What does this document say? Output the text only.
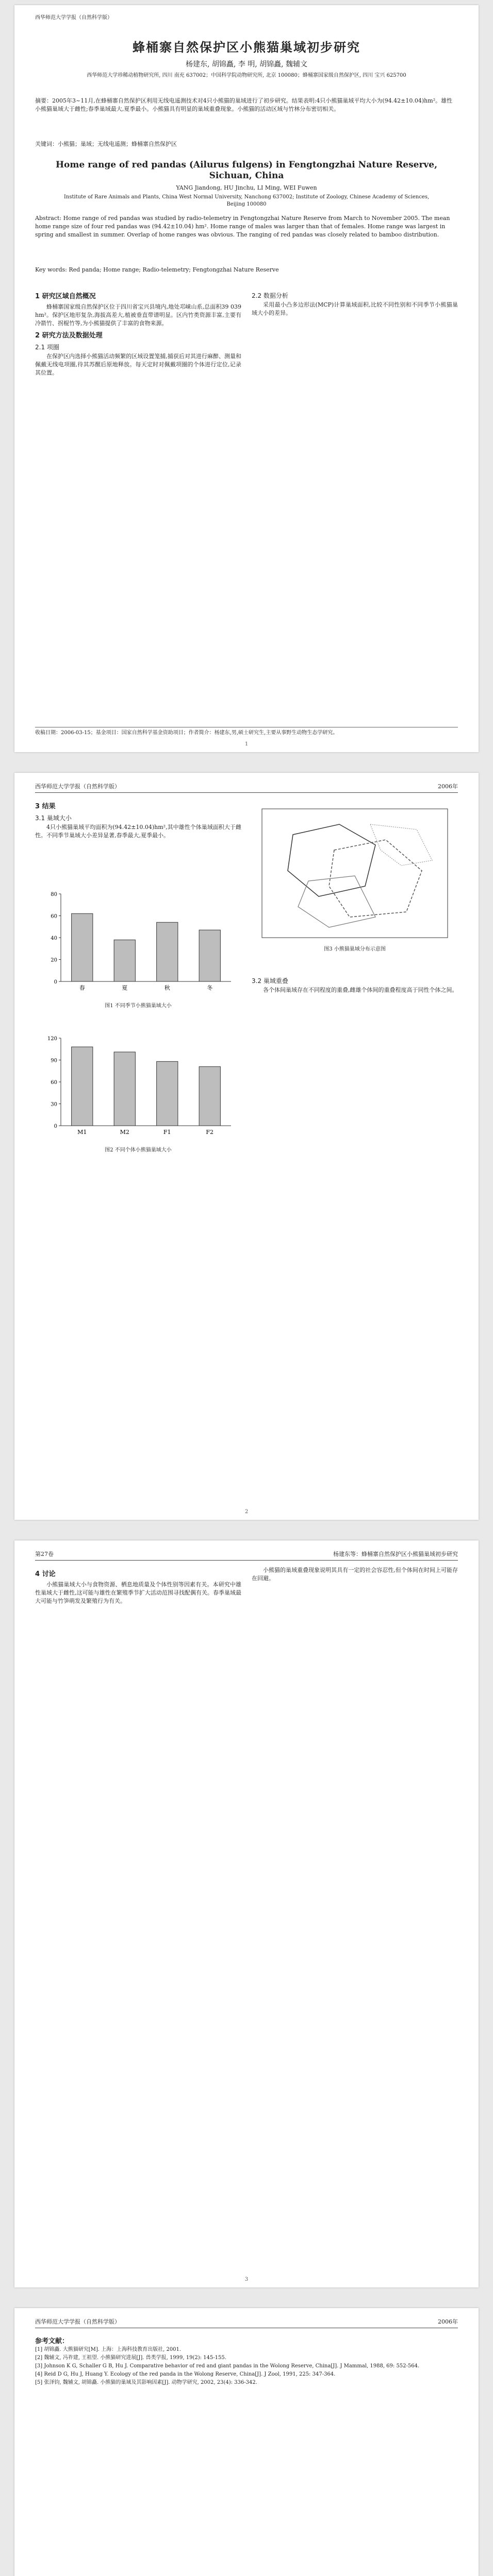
西华师范大学学报（自然科学版）
蜂桶寨自然保护区小熊猫巢域初步研究
杨建东, 胡锦矗, 李 明, 胡锦矗, 魏辅文
西华师范大学珍稀动植物研究所, 四川 南充 637002；中国科学院动物研究所, 北京 100080；蜂桶寨国家级自然保护区, 四川 宝兴 625700
摘要：2005年3~11月,在蜂桶寨自然保护区利用无线电遥测技术对4只小熊猫的巢域进行了初步研究。结果表明:4只小熊猫巢域平均大小为(94.42±10.04)hm²。雄性小熊猫巢域大于雌性;春季巢域最大,夏季最小。小熊猫具有明显的巢域重叠现象。小熊猫的活动区域与竹林分布密切相关。
关键词：小熊猫；巢域；无线电遥测；蜂桶寨自然保护区
Home range of red pandas (Ailurus fulgens) in Fengtongzhai Nature Reserve, Sichuan, China
YANG Jiandong, HU Jinchu, LI Ming, WEI Fuwen
Institute of Rare Animals and Plants, China West Normal University, Nanchong 637002; Institute of Zoology, Chinese Academy of Sciences, Beijing 100080
Abstract: Home range of red pandas was studied by radio-telemetry in Fengtongzhai Nature Reserve from March to November 2005. The mean home range size of four red pandas was (94.42±10.04) hm². Home range of males was larger than that of females. Home range was largest in spring and smallest in summer. Overlap of home ranges was obvious. The ranging of red pandas was closely related to bamboo distribution.
Key words: Red panda; Home range; Radio-telemetry; Fengtongzhai Nature Reserve
1 研究区域自然概况

蜂桶寨国家级自然保护区位于四川省宝兴县境内,地处邛崃山系,总面积39 039 hm²。保护区地形复杂,海拔高差大,植被垂直带谱明显。区内竹类资源丰富,主要有冷箭竹、拐棍竹等,为小熊猫提供了丰富的食物来源。

2 研究方法及数据处理
2.1 项圈

在保护区内选择小熊猫活动频繁的区域设置笼捕,捕获后对其进行麻醉、测量和佩戴无线电项圈,待其苏醒后原地释放。每天定时对佩戴项圈的个体进行定位,记录其位置。

2.2 数据分析

采用最小凸多边形法(MCP)计算巢域面积,比较不同性别和不同季节小熊猫巢域大小的差异。

收稿日期：2006-03-15；基金项目：国家自然科学基金资助项目；作者简介：杨建东,男,硕士研究生,主要从事野生动物生态学研究。
1
西华师范大学学报（自然科学版）	2006年
3 结果
3.1 巢域大小

4只小熊猫巢域平均面积为(94.42±10.04)hm²,其中雄性个体巢域面积大于雌性。不同季节巢域大小差异显著,春季最大,夏季最小。

0
20
40
60
80
春	夏	秋	冬
图1 不同季节小熊猫巢域大小
0
30
60
90
120
M1	M2	F1	F2
图2 不同个体小熊猫巢域大小
图3 小熊猫巢域分布示意图
3.2 巢域重叠

各个体间巢域存在不同程度的重叠,雌雄个体间的重叠程度高于同性个体之间。

2
第27卷	杨建东等：蜂桶寨自然保护区小熊猫巢域初步研究
4 讨论

小熊猫巢域大小与食物资源、栖息地质量及个体性别等因素有关。本研究中雄性巢域大于雌性,这可能与雄性在繁殖季节扩大活动范围寻找配偶有关。春季巢域最大可能与竹笋萌发及繁殖行为有关。

小熊猫的巢域重叠现象说明其具有一定的社会容忍性,但个体间在时间上可能存在回避。

3
西华师范大学学报（自然科学版）	2006年
参考文献：
[1] 胡锦矗. 大熊猫研究[M]. 上海：上海科技教育出版社, 2001.
[2] 魏辅文, 冯祚建, 王祖望. 小熊猫研究进展[J]. 兽类学报, 1999, 19(2): 145-155.
[3] Johnson K G, Schaller G B, Hu J. Comparative behavior of red and giant pandas in the Wolong Reserve, China[J]. J Mammal, 1988, 69: 552-564.
[4] Reid D G, Hu J, Huang Y. Ecology of the red panda in the Wolong Reserve, China[J]. J Zool, 1991, 225: 347-364.
[5] 张泽钧, 魏辅文, 胡锦矗. 小熊猫的巢域及其影响因素[J]. 动物学研究, 2002, 23(4): 336-342.
